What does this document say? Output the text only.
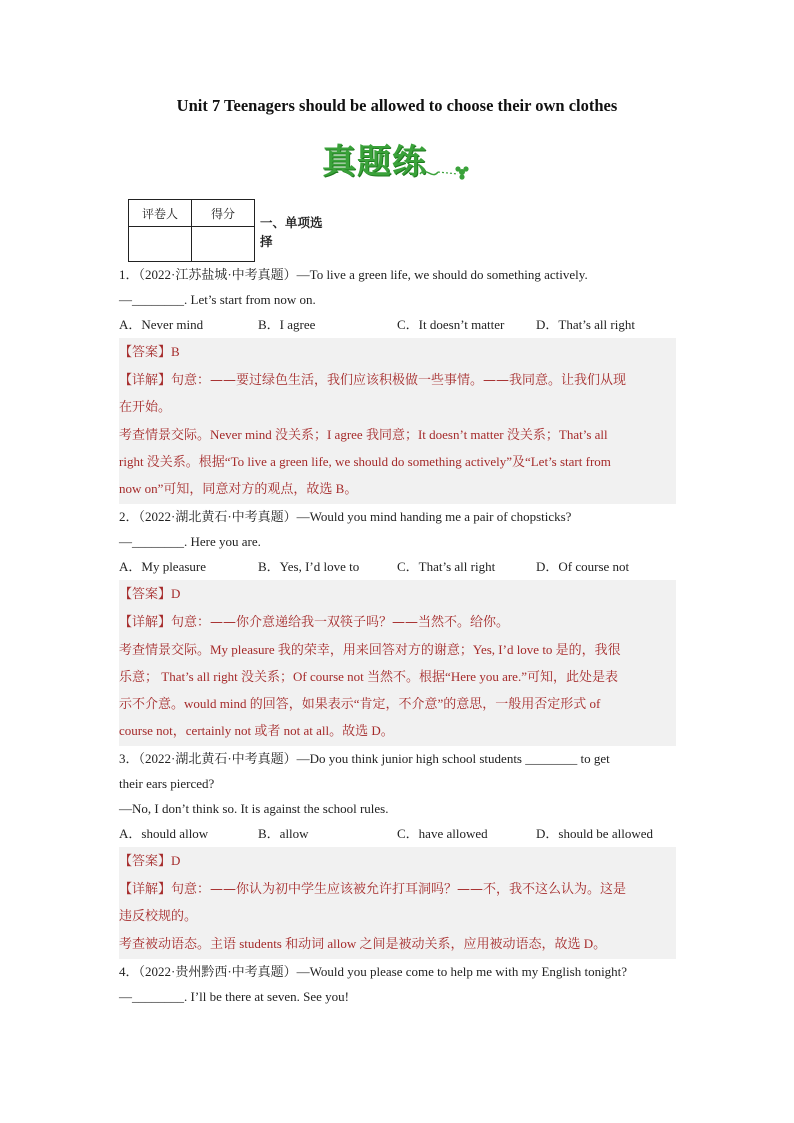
Unit 7 Teenagers should be allowed to choose their own clothes
真题练
评卷人	得分

一、单项选
择
1．（2022·江苏盐城·中考真题）—To live a green life, we should do something actively.
—________. Let’s start from now on.
A．Never mind	B．I agree	C．It doesn’t matter	D．That’s all right
【答案】B
【详解】句意：——要过绿色生活，我们应该积极做一些事情。——我同意。让我们从现
在开始。
考查情景交际。Never mind 没关系；I agree 我同意；It doesn’t matter 没关系；That’s all
right 没关系。根据“To live a green life, we should do something actively”及“Let’s start from
now on”可知，同意对方的观点，故选 B。
2．（2022·湖北黄石·中考真题）—Would you mind handing me a pair of chopsticks?
—________. Here you are.
A．My pleasure	B．Yes, I’d love to	C．That’s all right	D．Of course not
【答案】D
【详解】句意：——你介意递给我一双筷子吗？——当然不。给你。
考查情景交际。My pleasure 我的荣幸，用来回答对方的谢意；Yes, I’d love to 是的，我很
乐意； That’s all right 没关系；Of course not 当然不。根据“Here you are.”可知，此处是表
示不介意。would mind 的回答，如果表示“肯定，不介意”的意思，一般用否定形式 of
course not，certainly not 或者 not at all。故选 D。
3．（2022·湖北黄石·中考真题）—Do you think junior high school students ________ to get
their ears pierced?
—No, I don’t think so. It is against the school rules.
A．should allow	B．allow	C．have allowed	D．should be allowed
【答案】D
【详解】句意：——你认为初中学生应该被允许打耳洞吗？——不，我不这么认为。这是
违反校规的。
考查被动语态。主语 students 和动词 allow 之间是被动关系，应用被动语态，故选 D。
4．（2022·贵州黔西·中考真题）—Would you please come to help me with my English tonight?
—________. I’ll be there at seven. See you!
